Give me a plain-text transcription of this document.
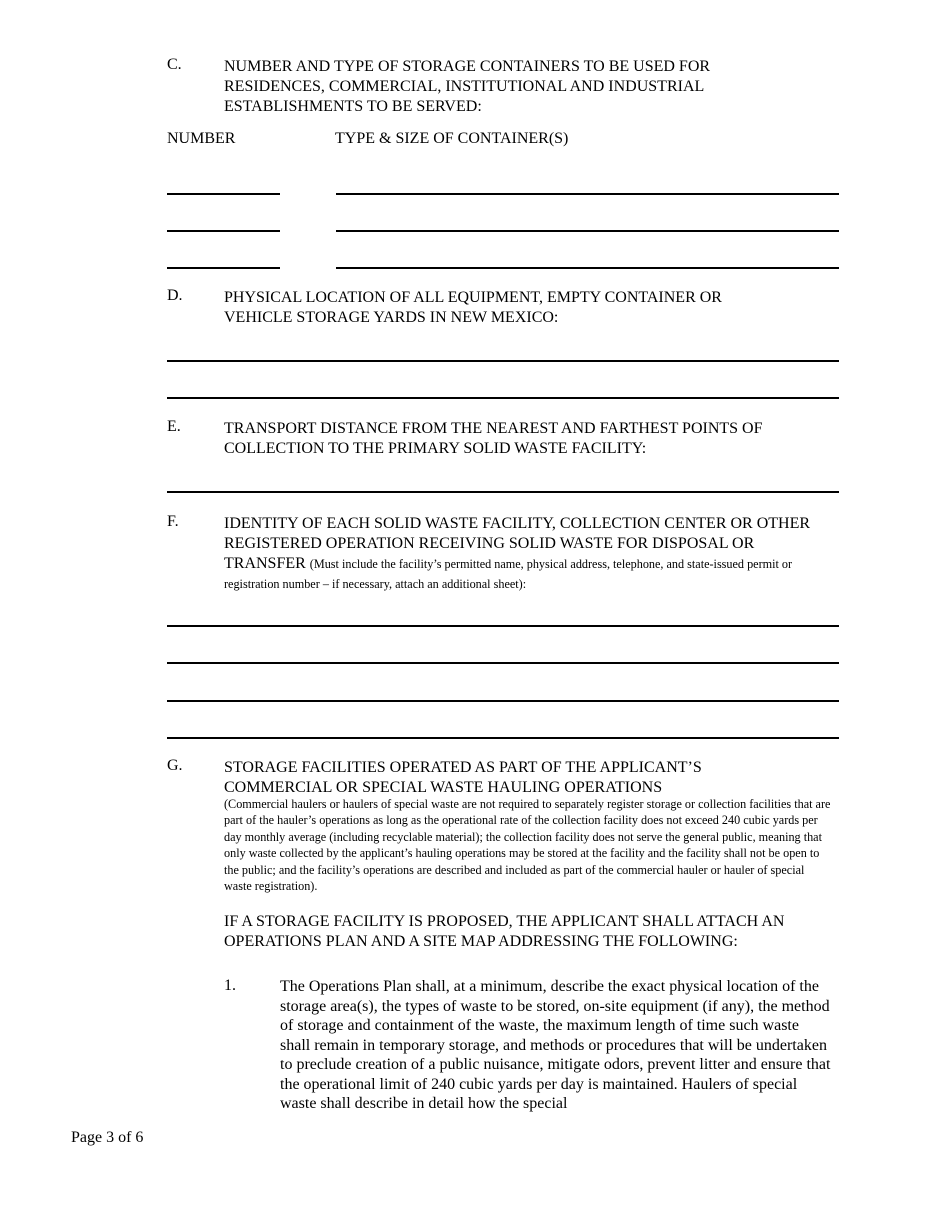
C.	NUMBER AND TYPE OF STORAGE CONTAINERS TO BE USED FOR RESIDENCES, COMMERCIAL, INSTITUTIONAL AND INDUSTRIAL ESTABLISHMENTS TO BE SERVED:
NUMBER	TYPE & SIZE OF CONTAINER(S)
D.	PHYSICAL LOCATION OF ALL EQUIPMENT, EMPTY CONTAINER OR VEHICLE STORAGE YARDS IN NEW MEXICO:
E.	TRANSPORT DISTANCE FROM THE NEAREST AND FARTHEST POINTS OF COLLECTION TO THE PRIMARY SOLID WASTE FACILITY:
F.	IDENTITY OF EACH SOLID WASTE FACILITY, COLLECTION CENTER OR OTHER REGISTERED OPERATION RECEIVING SOLID WASTE FOR DISPOSAL OR TRANSFER (Must include the facility’s permitted name, physical address, telephone, and state-issued permit or registration number – if necessary, attach an additional sheet):
G.	STORAGE FACILITIES OPERATED AS PART OF THE APPLICANT’S COMMERCIAL OR SPECIAL WASTE HAULING OPERATIONS
(Commercial haulers or haulers of special waste are not required to separately register storage or collection facilities that are part of the hauler’s operations as long as the operational rate of the collection facility does not exceed 240 cubic yards per day monthly average (including recyclable material); the collection facility does not serve the general public, meaning that only waste collected by the applicant’s hauling operations may be stored at the facility and the facility shall not be open to the public; and the facility’s operations are described and included as part of the commercial hauler or hauler of special waste registration).
IF A STORAGE FACILITY IS PROPOSED, THE APPLICANT SHALL ATTACH AN OPERATIONS PLAN AND A SITE MAP ADDRESSING THE FOLLOWING:
1.	The Operations Plan shall, at a minimum, describe the exact physical location of the storage area(s), the types of waste to be stored, on-site equipment (if any), the method of storage and containment of the waste, the maximum length of time such waste shall remain in temporary storage, and methods or procedures that will be undertaken to preclude creation of a public nuisance, mitigate odors, prevent litter and ensure that the operational limit of 240 cubic yards per day is maintained. Haulers of special waste shall describe in detail how the special
Page 3 of 6
